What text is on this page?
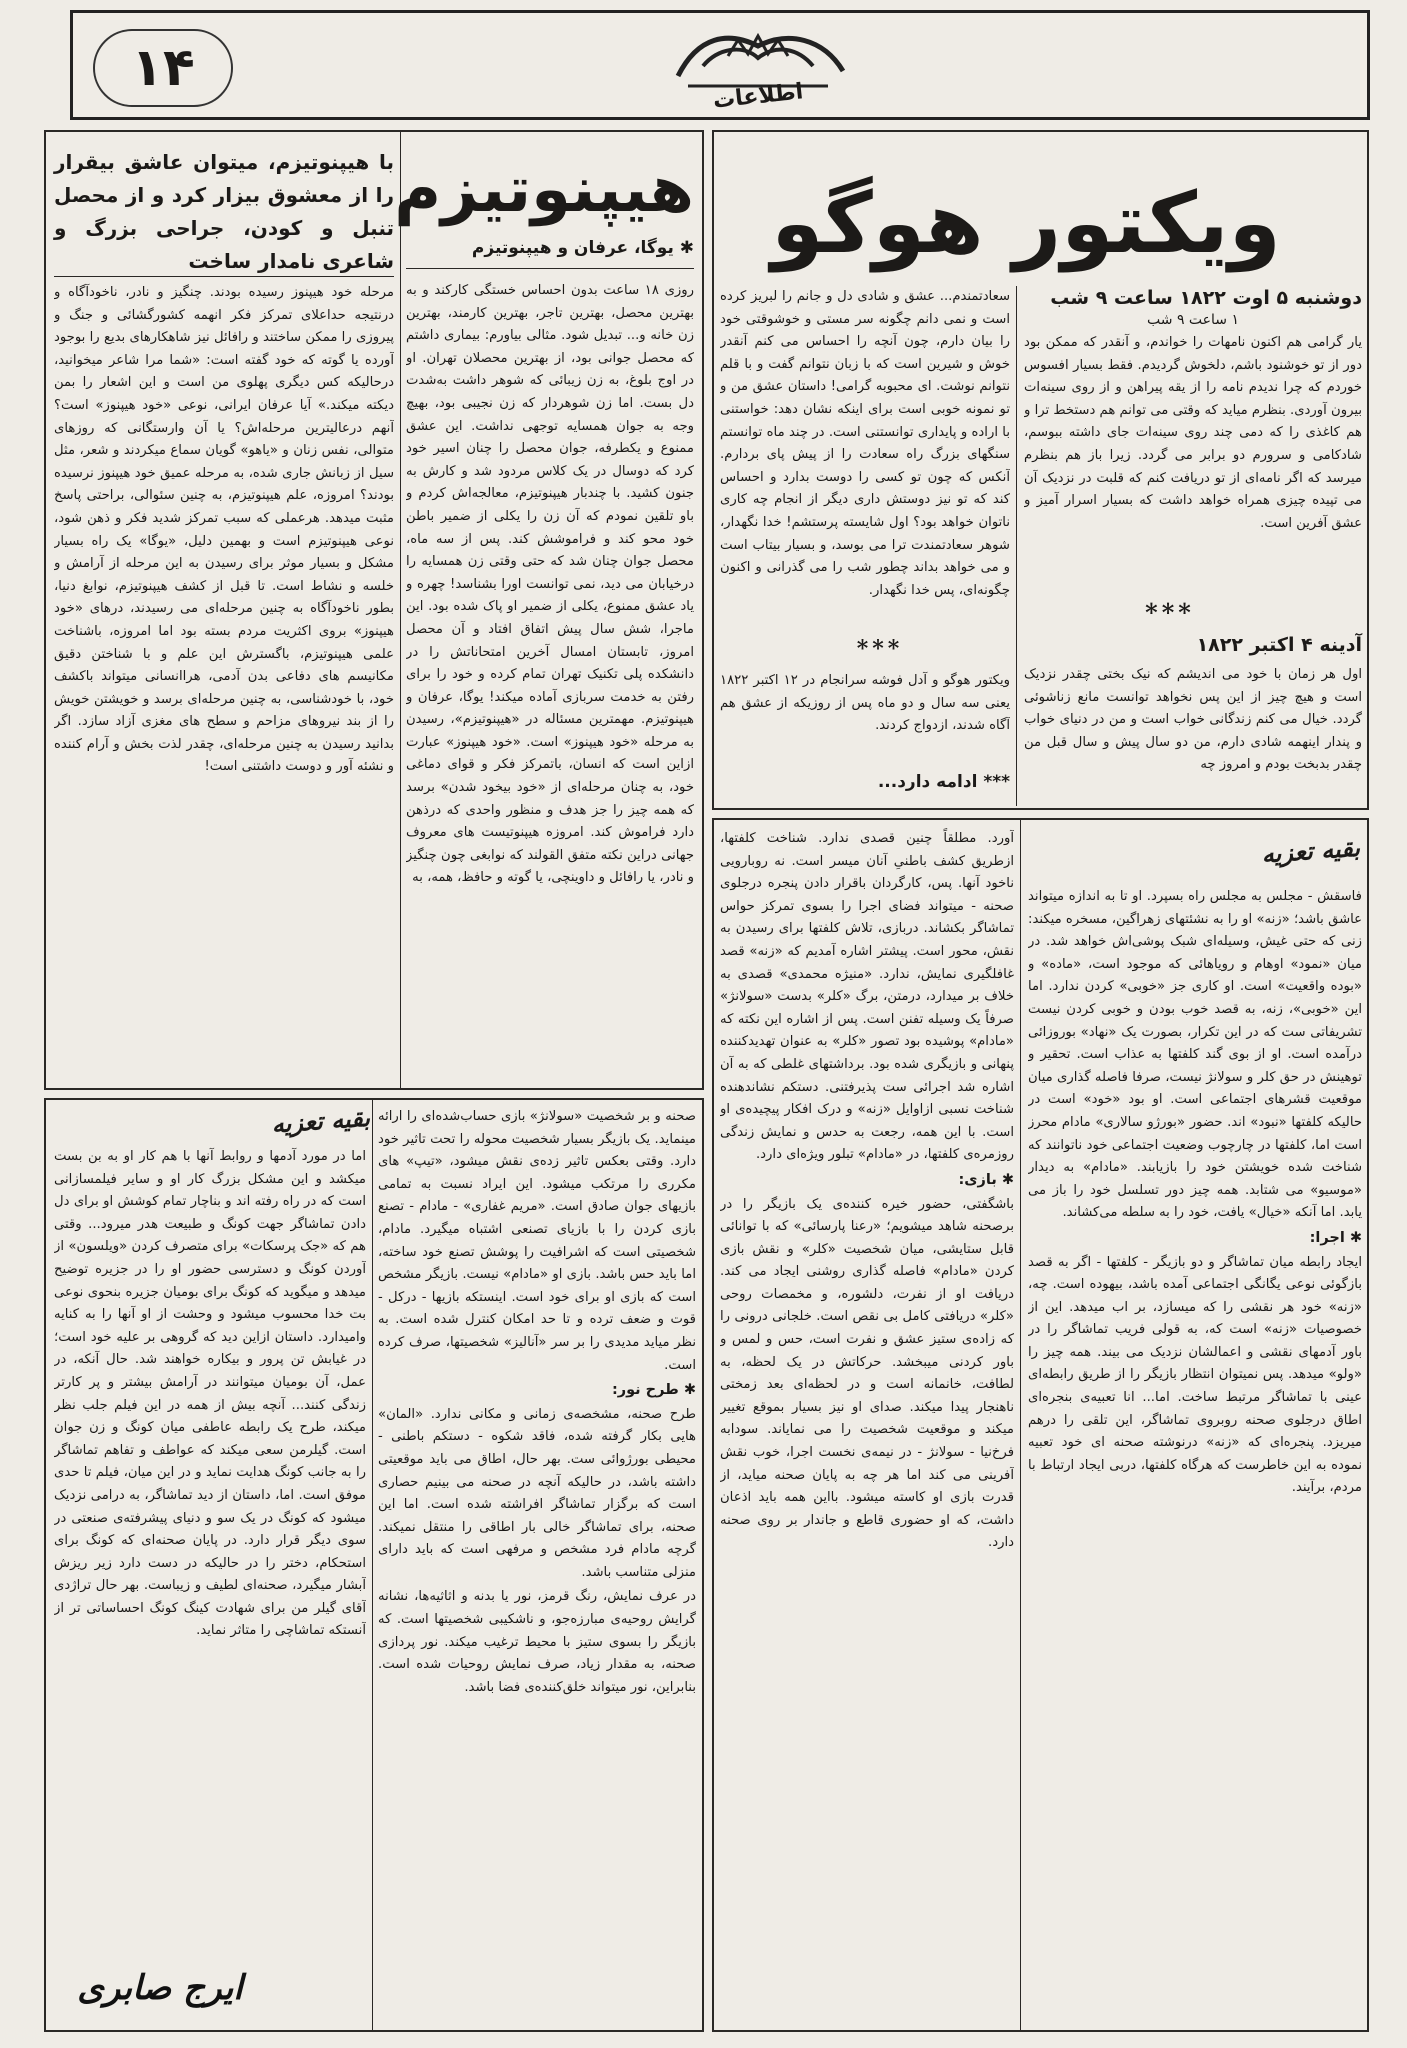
۱۴	اطلاعات
ویکتور هوگو
دوشنبه ۵ اوت ۱۸۲۲ ساعت ۹ شب
۱ ساعت ۹ شب
یار گرامی هم اکنون نامهات را خواندم، و آنقدر که ممکن بود دور از تو خوشنود باشم، دلخوش گردیدم. فقط بسیار افسوس خوردم که چرا ندیدم نامه را از یقه پیراهن و از روی سینه‌ات بیرون آوردی. بنظرم میاید که وقتی می توانم هم دستخط ترا و هم کاغذی را که دمی چند روی سینه‌ات جای داشته ببوسم، شادکامی و سرورم دو برابر می گردد. زیرا باز هم بنظرم میرسد که اگر نامه‌ای از تو دریافت کنم که قلبت در نزدیک آن می تپیده چیزی همراه خواهد داشت که بسیار اسرار آمیز و عشق آفرین است.
***
آدینه ۴ اکتبر ۱۸۲۲
اول هر زمان با خود می اندیشم که نیک بختی چقدر نزدیک است و هیچ چیز از این پس نخواهد توانست مانع زناشوئی گردد. خیال می کنم زندگانی خواب است و من در دنیای خواب و پندار اینهمه شادی دارم، من دو سال پیش و سال قبل من چقدر بدبخت بودم و امروز چه
سعادتمندم... عشق و شادی دل و جانم را لبریز کرده است و نمی دانم چگونه سر مستی و خوشوقتی خود را بیان دارم، چون آنچه را احساس می کنم آنقدر خوش و شیرین است که با زبان نتوانم گفت و با قلم نتوانم نوشت. ای محبوبه گرامی! داستان عشق من و تو نمونه خوبی است برای اینکه نشان دهد: خواستنی با اراده و پایداری توانستنی است. در چند ماه توانستم سنگهای بزرگ راه سعادت را از پیش پای بردارم. آنکس که چون تو کسی را دوست بدارد و احساس کند که تو نیز دوستش داری دیگر از انجام چه کاری ناتوان خواهد بود؟ اول شایسته پرستشم! خدا نگهدار، شوهر سعادتمندت ترا می بوسد، و بسیار بیتاب است و می خواهد بداند چطور شب را می گذرانی و اکنون چگونه‌ای، پس خدا نگهدار.
***
ویکتور هوگو و آدل فوشه سرانجام در ۱۲ اکتبر ۱۸۲۲ یعنی سه سال و دو ماه پس از روزیکه از عشق هم آگاه شدند، ازدواج کردند.
*** ادامه دارد...
هیپنوتیزم
✱ یوگا، عرفان و هیپنوتیزم
روزی ۱۸ ساعت بدون احساس خستگی کارکند و به بهترین محصل، بهترین تاجر، بهترین کارمند، بهترین زن خانه و... تبدیل شود. مثالی بیاورم: بیماری داشتم که محصل جوانی بود، از بهترین محصلان تهران. او در اوج بلوغ، به زن زیبائی که شوهر داشت به‌شدت دل بست. اما زن شوهردار که زن نجیبی بود، بهیچ وجه به جوان همسایه توجهی نداشت. این عشق ممنوع و یکطرفه، جوان محصل را چنان اسیر خود کرد که دوسال در یک کلاس مردود شد و کارش به جنون کشید. با چندبار هیپنوتیزم، معالجه‌اش کردم و باو تلقین نمودم که آن زن را یکلی از ضمیر باطن خود محو کند و فراموشش کند. پس از سه ماه، محصل جوان چنان شد که حتی وقتی زن همسایه را درخیابان می دید، نمی توانست اورا بشناسد! چهره و یاد عشق ممنوع، یکلی از ضمیر او پاک شده بود. این ماجرا، شش سال پیش اتفاق افتاد و آن محصل امروز، تابستان امسال آخرین امتحاناتش را در دانشکده پلی تکنیک تهران تمام کرده و خود را برای رفتن به خدمت سربازی آماده میکند! یوگا، عرفان و هیپنوتیزم. مهمترین مسئاله در «هیپنوتیزم»، رسیدن به مرحله «خود هیپنوز» است. «خود هیپنوز» عبارت ازاین است که انسان، باتمرکز فکر و قوای دماغی خود، به چنان مرحله‌ای از «خود بیخود شدن» برسد که همه چیز را جز هدف و منظور واحدی که درذهن دارد فراموش کند. امروزه هیپنوتیست های معروف جهانی دراین نکته متفق القولند که نوابغی چون چنگیز و نادر، یا رافائل و داوینچی، یا گوته و حافظ، همه، به
با هیپنوتیزم، میتوان عاشق بیقرار را از معشوق بیزار کرد و از محصل تنبل و کودن، جراحی بزرگ و شاعری نامدار ساخت
مرحله خود هیپنوز رسیده بودند. چنگیز و نادر، ناخودآگاه و درنتیجه حداعلای تمرکز فکر انهمه کشورگشائی و جنگ و پیروزی را ممکن ساختند و رافائل نیز شاهکارهای بدیع را بوجود آورده یا گوته که خود گفته است: «شما مرا شاعر میخوانید، درحالیکه کس دیگری پهلوی من است و این اشعار را بمن دیکته میکند.» آیا عرفان ایرانی، نوعی «خود هیپنوز» است؟ آنهم درعالیترین مرحله‌اش؟ یا آن وارستگانی که روزهای متوالی، نفس زنان و «یاهو» گویان سماع میکردند و شعر، مثل سیل از زبانش جاری شده، به مرحله عمیق خود هیپنوز نرسیده بودند؟ امروزه، علم هیپنوتیزم، به چنین سئوالی، براحتی پاسخ مثبت میدهد. هرعملی که سبب تمرکز شدید فکر و ذهن شود، نوعی هیپنوتیزم است و بهمین دلیل، «یوگا» یک راه بسیار مشکل و بسیار موثر برای رسیدن به این مرحله از آرامش و خلسه و نشاط است. تا قبل از کشف هیپنوتیزم، نوابغ دنیا، بطور ناخودآگاه به چنین مرحله‌ای می رسیدند، درهای «خود هیپنوز» بروی اکثریت مردم بسته بود اما امروزه، باشناخت علمی هیپنوتیزم، باگسترش این علم و با شناختن دقیق مکانیسم های دفاعی بدن آدمی، هراانسانی میتواند باکشف خود، با خودشناسی، به چنین مرحله‌ای برسد و خویشتن خویش را از بند نیروهای مزاحم و سطح های مغزی آزاد سازد. اگر بدانید رسیدن به چنین مرحله‌ای، چقدر لذت بخش و آرام کننده و نشئه آور و دوست داشتنی است!
بقیه تعزیه

فاسقش - مجلس به مجلس راه بسپرد. او تا به اندازه میتواند عاشق باشد؛ «زنه» او را به نشئتهای زهراگین، مسخره میکند: زنی که حتی غیش، وسیله‌ای شبک پوشی‌اش خواهد شد. در میان «نمود» اوهام و رویاهائی که موجود است، «ماده» و «بوده واقعیت» است. او کاری جز «خوبی» کردن ندارد. اما این «خوبی»، زنه، به قصد خوب بودن و خوبی کردن نیست تشریفاتی ست که در این تکرار، بصورت یک «نهاد» بوروزائی درآمده است. او از بوی گند کلفتها به عذاب است. تحقیر و توهینش در حق کلر و سولانژ نیست، صرفا فاصله گذاری میان موقعیت قشرهای اجتماعی است. او بود «خود» است در حالیکه کلفتها «نبود» اند. حضور «بورژو سالاری» مادام محرز است اما، کلفتها در چارچوب وضعیت اجتماعی خود ناتوانند که شناخت شده خویشتن خود را بازیابند. «مادام» به دیدار «موسیو» می شتابد. همه چیز دور تسلسل خود را باز می یابد. اما آنکه «خیال» یافت، خود را به سلطه می‌کشاند.

✱ اجرا:

ایجاد رابطه میان تماشاگر و دو بازیگر - کلفتها - اگر به قصد بازگوئی نوعی یگانگی اجتماعی آمده باشد، بیهوده است. چه، «زنه» خود هر نقشی را که میسازد، بر اب میدهد. این از خصوصیات «زنه» است که، به قولی فریب تماشاگر را در باور آدمهای نقشی و اعمالشان نزدیک می بیند. همه چیز را «ولو» میدهد. پس نمیتوان انتظار بازیگر را از طریق رابطه‌ای عینی با تماشاگر مرتبط ساخت. اما... انا تعبیه‌ی بنجره‌ای اطاق درجلوی صحنه روبروی تماشاگر، این تلقی را درهم میریزد. پنجره‌ای که «زنه» درنوشته صحنه ای خود تعبیه نموده به این خاطرست که هرگاه کلفتها، دربی ایجاد ارتباط با مردم، برآیند.

آورد. مطلقاً چنین قصدی ندارد. شناخت کلفتها، ازطریق کشف باطنیِ آنان میسر است. نه روبارویی ناخود آنها. پس، کارگردان باقرار دادن پنجره درجلوی صحنه - میتواند فضای اجرا را بسوی تمرکز حواس تماشاگر بکشاند. دربازی، تلاش کلفتها برای رسیدن به نقش، محور است. پیشتر اشاره آمدیم که «زنه» قصد غافلگیری نمایش، ندارد. «منیژه محمدی» قصدی به خلاف بر میدارد، درمتن، برگ «کلر» بدست «سولانژ» صرفاً یک وسیله تفنن است. پس از اشاره این نکته که «مادام» پوشیده بود تصور «کلر» به عنوان تهدیدکننده پنهانی و بازیگری شده بود. برداشتهای غلطی که به آن اشاره شد اجرائی ست پذیرفتنی. دستکم نشاندهنده شناخت نسبی ازاوایل «زنه» و درک افکار پیچیده‌ی او است. با این همه، رجعت به حدس و نمایش زندگی روزمره‌ی کلفتها، در «مادام» تبلور ویژه‌ای دارد.

✱ بازی:

باشگفتی، حضور خیره کننده‌ی یک بازیگر را در برصحنه شاهد میشویم؛ «رعنا پارسائی» که با توانائی قابل ستایشی، میان شخصیت «کلر» و نقش بازی کردن «مادام» فاصله گذاری روشنی ایجاد می کند. دریافت او از نفرت، دلشوره، و مخمصات روحی «کلر» دریافتی کامل بی‌ نقص است. خلجانی درونی را که زاده‌ی ستیز عشق و نفرت است، حس و لمس و باور کردنی میبخشد. حرکاتش در یک لحظه، به لطافت، خانمانه است و در لحظه‌ای بعد زمختی ناهنجار پیدا میکند. صدای او نیز بسیار بموقع تغییر میکند و موقعیت شخصیت را می نمایاند. سودابه فرخ‌نیا - سولانژ - در نیمه‌ی نخست اجرا، خوب نقش آفرینی می کند اما هر چه به پایان صحنه میاید، از قدرت بازی او کاسته میشود. بااین همه باید اذعان داشت، که او حضوری قاطع و جاندار بر روی صحنه دارد.

بقیه تعزیه صحنه و بر شخصیت «سولانژ» بازی حساب‌شده‌ای را ارائه مینماید. یک بازیگر بسیار شخصیت محوله را تحت تاثیر خود دارد. وقتی بعکس تاثیر زده‌ی نقش میشود، «تیپ» های مکرری را مرتکب میشود. این ایراد نسبت به تمامی بازیهای جوان صادق است. «مریم غفاری» - مادام - تصنع بازی کردن را با بازیای تصنعی اشتباه میگیرد. مادام، شخصیتی است که اشرافیت را پوشش تصنع خود ساخته، اما باید حس باشد. بازی او «مادام» نیست. بازیگر مشخص است که بازی او برای خود است. اینستکه بازیها - درکل - قوت و ضعف ترده و تا حد امکان کنترل شده است. به نظر میاید مدیدی را بر سر «آنالیز» شخصیتها، صرف کرده است.

✱ طرح نور:

طرح صحنه، مشخصه‌ی زمانی و مکانی ندارد. «المان» هایی بکار گرفته شده، فاقد شکوه - دستکم باطنی - محیطی بورژوائی ست. بهر حال، اطاق می باید موقعیتی داشته باشد، در حالیکه آنچه در صحنه می بینیم حصاری است که برگزار تماشاگر افراشته شده است. اما این صحنه، برای تماشاگر خالی بار اطاقی را منتقل نمیکند. گرچه مادام فرد مشخص و مرفهی است که باید دارای منزلی متناسب باشد.

در عرف نمایش، رنگ قرمز، نور یا بدنه و اثاثیه‌ها، نشانه گرایش روحیه‌ی مبارزه‌جو، و ناشکیبی شخصیتها است. که بازیگر را بسوی ستیز با محیط ترغیب میکند. نور پردازی صحنه، به مقدار زیاد، صرف نمایش روحیات شده است. بنابراین، نور میتواند خلق‌کننده‌ی فضا باشد.

اما در مورد آدمها و روابط آنها با هم کار او به بن بست میکشد و این مشکل بزرگ کار او و سایر فیلمسازانی است که در راه رفته اند و بناچار تمام کوشش او برای دل دادن تماشاگر جهت کونگ و طبیعت هدر میرود... وقتی هم که «جک پرسکات» برای متصرف کردن «ویلسون» از آوردن کونگ و دسترسی حضور او را در جزیره توضیح میدهد و میگوید که کونگ برای بومیان جزیره بنحوی نوعی بت خدا محسوب میشود و وحشت از او آنها را به کنایه وامیدارد. داستان ازاین دید که گروهی بر علیه خود است؛ در غیابش تن پرور و بیکاره خواهند شد. حال آنکه، در عمل، آن بومیان میتوانند در آرامش بیشتر و پر کارتر زندگی کنند... آنچه بیش از همه در این فیلم جلب نظر میکند، طرح یک رابطه عاطفی میان کونگ و زن جوان است. گیلرمن سعی میکند که عواطف و تفاهم تماشاگر را به جانب کونگ هدایت نماید و در این میان، فیلم تا حدی موفق است. اما، داستان از دید تماشاگر، به درامی نزدیک میشود که کونگ در یک سو و دنیای پیشرفته‌ی صنعتی در سوی دیگر قرار دارد. در پایان صحنه‌ای که کونگ برای استحکام، دختر را در حالیکه در دست دارد زیر ریزش آبشار میگیرد، صحنه‌ای لطیف و زیباست. بهر حال تراژدی آقای گیلر من برای شهادت کینگ کونگ احساساتی تر از آنستکه تماشاچی را متاثر نماید.

ایرج صابری
